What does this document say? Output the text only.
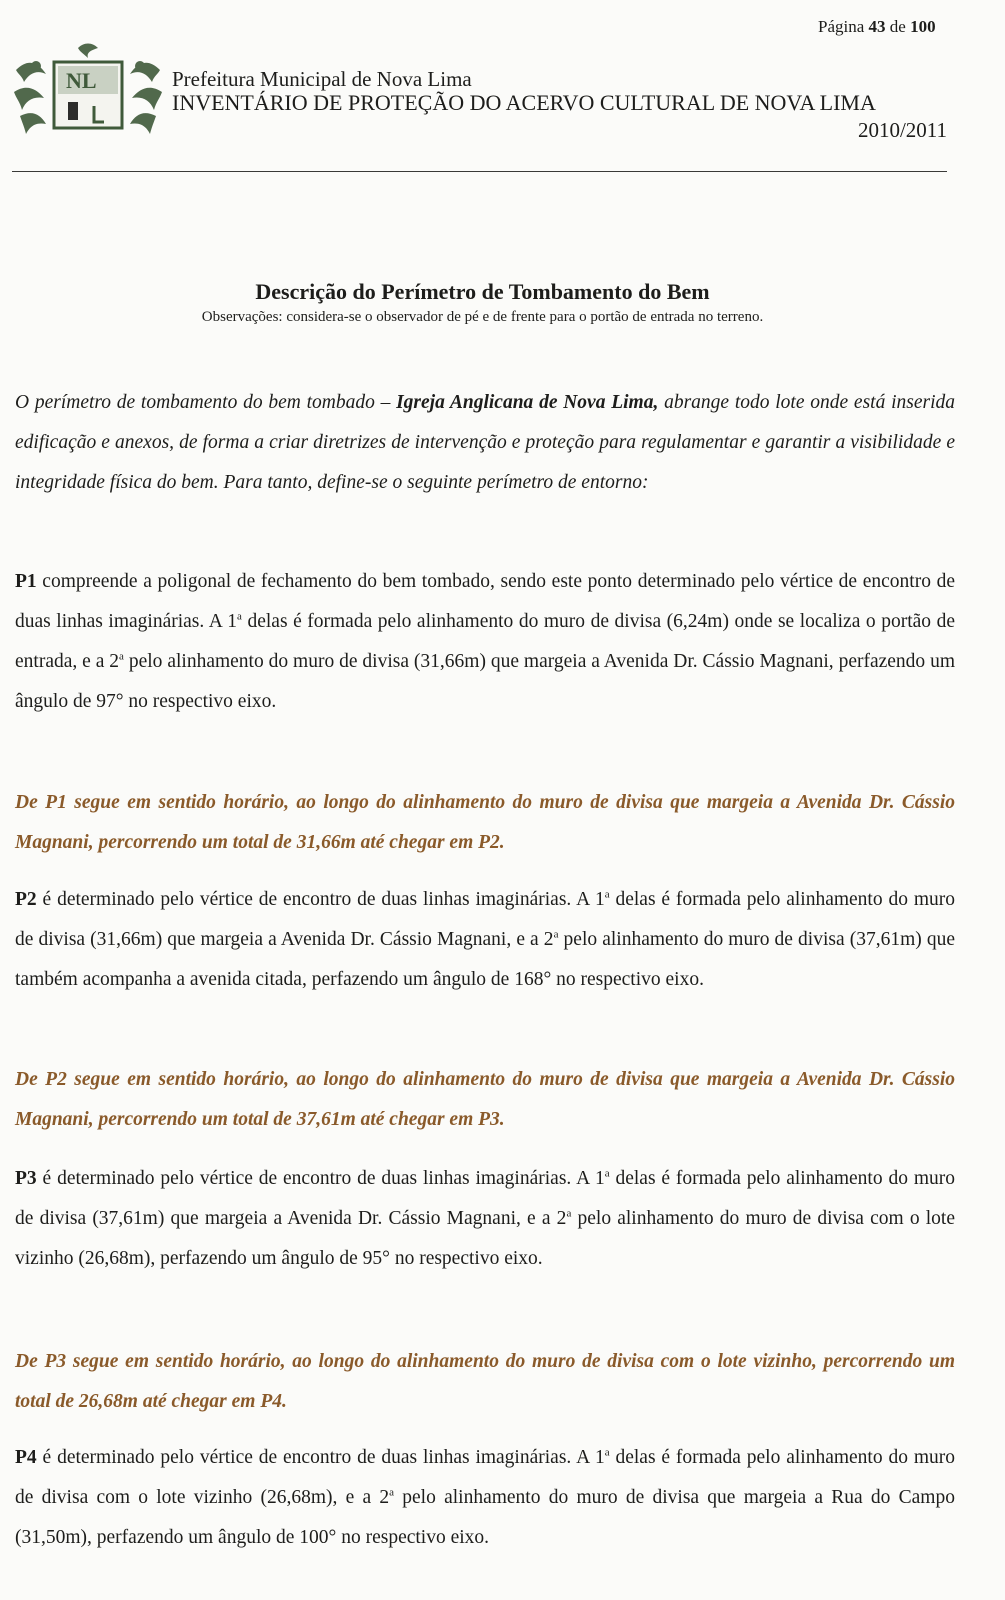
Página 43 de 100
NL	Prefeitura Municipal de Nova Lima
INVENTÁRIO DE PROTEÇÃO DO ACERVO CULTURAL DE NOVA LIMA
2010/2011
Descrição do Perímetro de Tombamento do Bem
Observações: considera-se o observador de pé e de frente para o portão de entrada no terreno.
O perímetro de tombamento do bem tombado – Igreja Anglicana de Nova Lima, abrange todo lote onde está inserida edificação e anexos, de forma a criar diretrizes de intervenção e proteção para regulamentar e garantir a visibilidade e integridade física do bem. Para tanto, define-se o seguinte perímetro de entorno:
P1 compreende a poligonal de fechamento do bem tombado, sendo este ponto determinado pelo vértice de encontro de duas linhas imaginárias. A 1$^a$ delas é formada pelo alinhamento do muro de divisa (6,24m) onde se localiza o portão de entrada, e a 2$^a$ pelo alinhamento do muro de divisa (31,66m) que margeia a Avenida Dr. Cássio Magnani, perfazendo um ângulo de 97° no respectivo eixo.
De P1 segue em sentido horário, ao longo do alinhamento do muro de divisa que margeia a Avenida Dr. Cássio Magnani, percorrendo um total de 31,66m até chegar em P2.
P2 é determinado pelo vértice de encontro de duas linhas imaginárias. A 1$^a$ delas é formada pelo alinhamento do muro de divisa (31,66m) que margeia a Avenida Dr. Cássio Magnani, e a 2$^a$ pelo alinhamento do muro de divisa (37,61m) que também acompanha a avenida citada, perfazendo um ângulo de 168° no respectivo eixo.
De P2 segue em sentido horário, ao longo do alinhamento do muro de divisa que margeia a Avenida Dr. Cássio Magnani, percorrendo um total de 37,61m até chegar em P3.
P3 é determinado pelo vértice de encontro de duas linhas imaginárias. A 1$^a$ delas é formada pelo alinhamento do muro de divisa (37,61m) que margeia a Avenida Dr. Cássio Magnani, e a 2$^a$ pelo alinhamento do muro de divisa com o lote vizinho (26,68m), perfazendo um ângulo de 95° no respectivo eixo.
De P3 segue em sentido horário, ao longo do alinhamento do muro de divisa com o lote vizinho, percorrendo um total de 26,68m até chegar em P4.
P4 é determinado pelo vértice de encontro de duas linhas imaginárias. A 1$^a$ delas é formada pelo alinhamento do muro de divisa com o lote vizinho (26,68m), e a 2$^a$ pelo alinhamento do muro de divisa que margeia a Rua do Campo (31,50m), perfazendo um ângulo de 100° no respectivo eixo.
